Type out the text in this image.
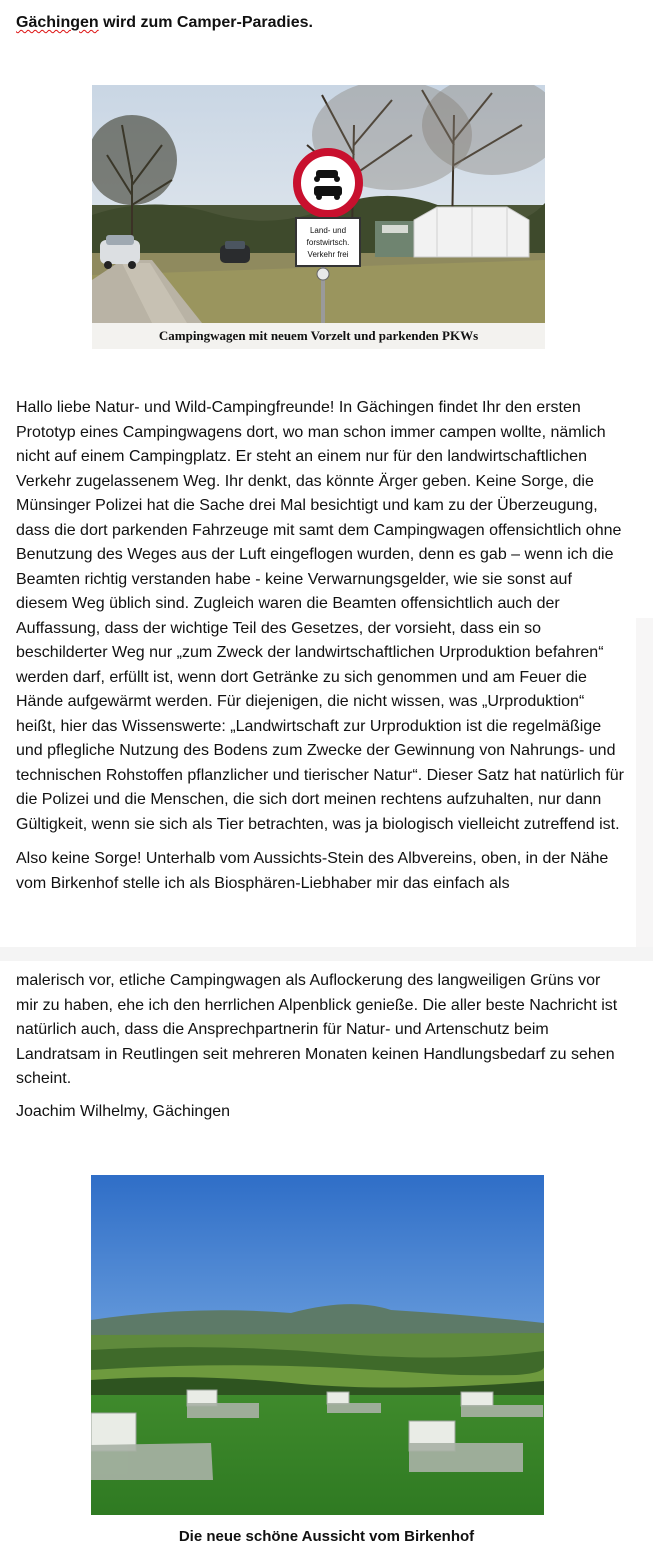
Gächingen wird zum Camper-Paradies.
Land- und
forstwirtsch.
Verkehr frei
Campingwagen mit neuem Vorzelt und parkenden PKWs

Hallo liebe Natur- und Wild-Campingfreunde! In Gächingen findet Ihr den ersten Prototyp eines Campingwagens dort, wo man schon immer campen wollte, nämlich nicht auf einem Campingplatz. Er steht an einem nur für den landwirtschaftlichen Verkehr zugelassenem Weg. Ihr denkt, das könnte Ärger geben. Keine Sorge, die Münsinger Polizei hat die Sache drei Mal besichtigt und kam zu der Überzeugung, dass die dort parkenden Fahrzeuge mit samt dem Campingwagen offensichtlich ohne Benutzung des Weges aus der Luft eingeflogen wurden, denn es gab – wenn ich die Beamten richtig verstanden habe - keine Verwarnungsgelder, wie sie sonst auf diesem Weg üblich sind. Zugleich waren die Beamten offensichtlich auch der Auffassung, dass der wichtige Teil des Gesetzes, der vorsieht, dass ein so beschilderter Weg nur „zum Zweck der landwirtschaftlichen Urproduktion befahren“ werden darf, erfüllt ist, wenn dort Getränke zu sich genommen und am Feuer die Hände aufgewärmt werden. Für diejenigen, die nicht wissen, was „Urproduktion“ heißt, hier das Wissenswerte: „Landwirtschaft zur Urproduktion ist die regelmäßige und pflegliche Nutzung des Bodens zum Zwecke der Gewinnung von Nahrungs- und technischen Rohstoffen pflanzlicher und tierischer Natur“. Dieser Satz hat natürlich für die Polizei und die Menschen, die sich dort meinen rechtens aufzuhalten, nur dann Gültigkeit, wenn sie sich als Tier betrachten, was ja biologisch vielleicht zutreffend ist.

Also keine Sorge! Unterhalb vom Aussichts-Stein des Albvereins, oben, in der Nähe vom Birkenhof stelle ich als Biosphären-Liebhaber mir das einfach als

malerisch vor, etliche Campingwagen als Auflockerung des langweiligen Grüns vor mir zu haben, ehe ich den herrlichen Alpenblick genieße. Die aller beste Nachricht ist natürlich auch, dass die Ansprechpartnerin für Natur- und Artenschutz beim Landratsam in Reutlingen seit mehreren Monaten keinen Handlungsbedarf zu sehen scheint.

Joachim Wilhelmy, Gächingen
Die neue schöne Aussicht vom Birkenhof
